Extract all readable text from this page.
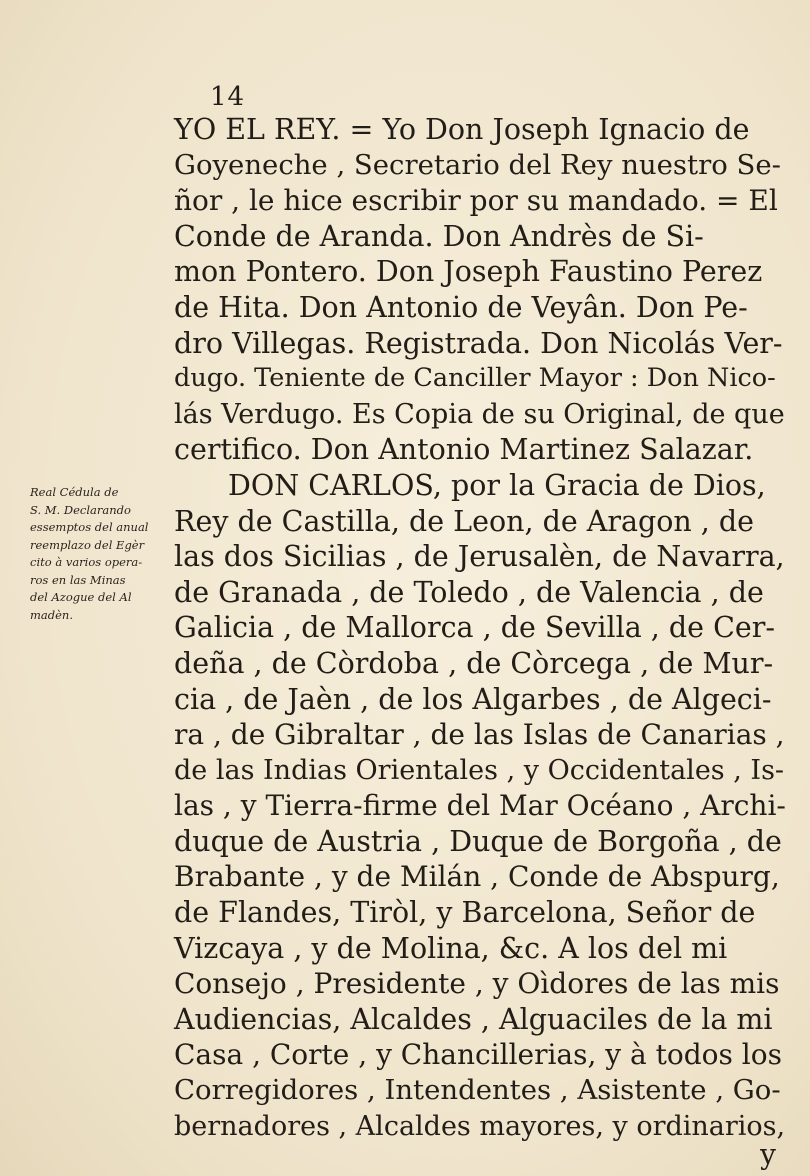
14
Real Cédula de
S. M. Declarando
essemptos del anual
reemplazo del Egèr
cito à varios opera-
ros en las Minas
del Azogue del Al
madèn.
YO EL REY. = Yo Don Joseph Ignacio de
Goyeneche , Secretario del Rey nuestro Se-
ñor , le hice escribir por su mandado. = El
Conde de Aranda. Don Andrès de Si-
mon Pontero. Don Joseph Faustino Perez
de Hita. Don Antonio de Veyân. Don Pe-
dro Villegas. Registrada. Don Nicolás Ver-
dugo. Teniente de Canciller Mayor : Don Nico-
lás Verdugo. Es Copia de su Original, de que
certifico. Don Antonio Martinez Salazar.
DON CARLOS, por la Gracia de Dios,
Rey de Castilla, de Leon, de Aragon , de
las dos Sicilias , de Jerusalèn, de Navarra,
de Granada , de Toledo , de Valencia , de
Galicia , de Mallorca , de Sevilla , de Cer-
deña , de Còrdoba , de Còrcega , de Mur-
cia , de Jaèn , de los Algarbes , de Algeci-
ra , de Gibraltar , de las Islas de Canarias ,
de las Indias Orientales , y Occidentales , Is-
las , y Tierra-firme del Mar Océano , Archi-
duque de Austria , Duque de Borgoña , de
Brabante , y de Milán , Conde de Abspurg,
de Flandes, Tiròl, y Barcelona, Señor de
Vizcaya , y de Molina, &c. A los del mi
Consejo , Presidente , y Oìdores de las mis
Audiencias, Alcaldes , Alguaciles de la mi
Casa , Corte , y Chancillerias, y à todos los
Corregidores , Intendentes , Asistente , Go-
bernadores , Alcaldes mayores, y ordinarios,
y
